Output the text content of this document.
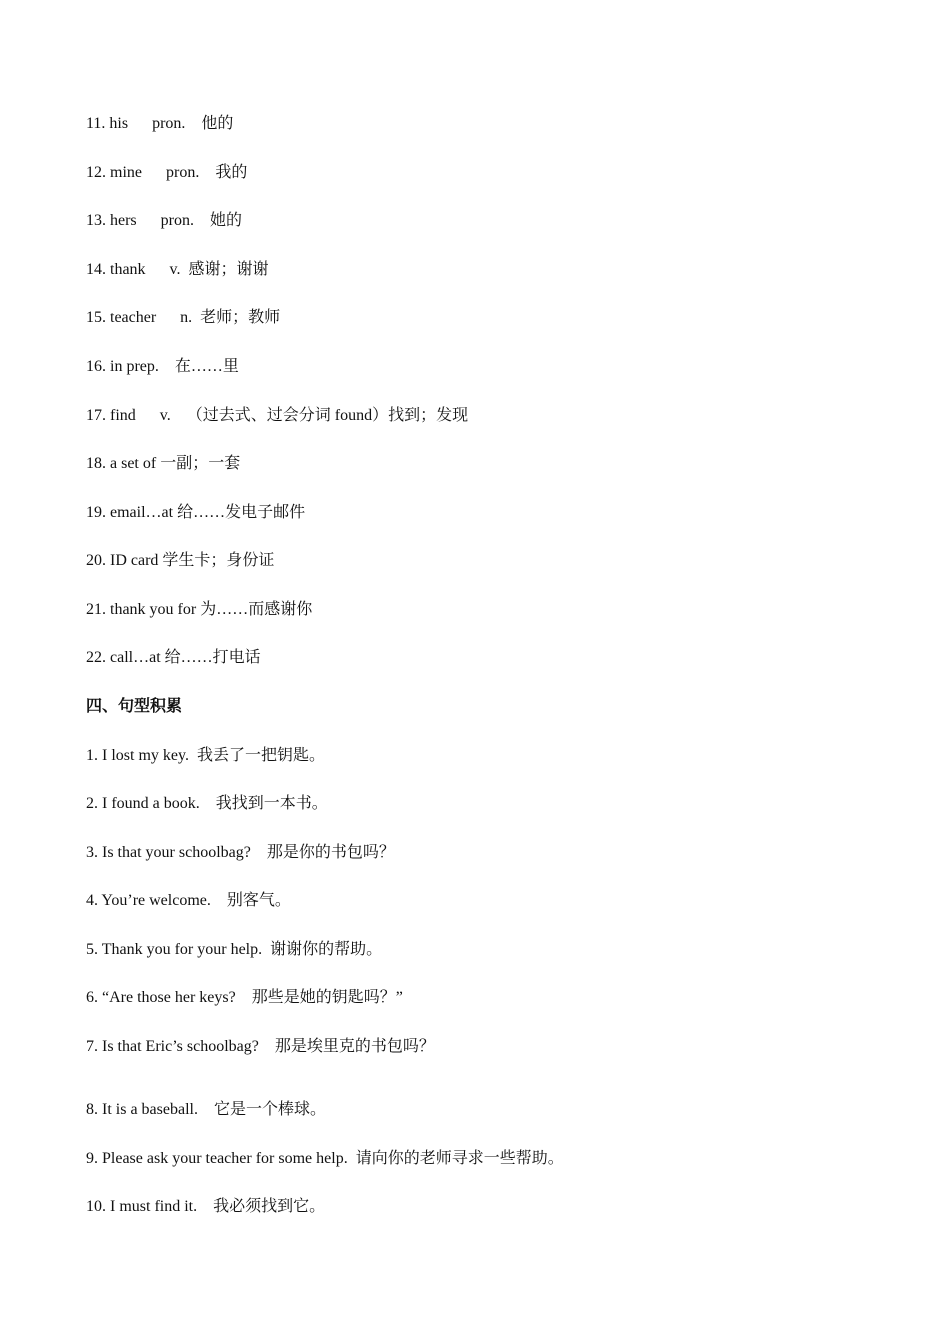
11. his      pron.    他的
12. mine      pron.    我的
13. hers      pron.    她的
14. thank      v.  感谢；谢谢
15. teacher      n.  老师；教师
16. in prep.    在……里
17. find      v.    （过去式、过会分词 found）找到；发现
18. a set of 一副；一套
19. email…at 给……发电子邮件
20. ID card 学生卡；身份证
21. thank you for 为……而感谢你
22. call…at 给……打电话
四、句型积累
1. I lost my key.  我丢了一把钥匙。
2. I found a book.    我找到一本书。
3. Is that your schoolbag?    那是你的书包吗？
4. You’re welcome.    别客气。
5. Thank you for your help.  谢谢你的帮助。
6. “Are those her keys?    那些是她的钥匙吗？”
7. Is that Eric’s schoolbag?    那是埃里克的书包吗？
8. It is a baseball.    它是一个棒球。
9. Please ask your teacher for some help.  请向你的老师寻求一些帮助。
10. I must find it.    我必须找到它。
